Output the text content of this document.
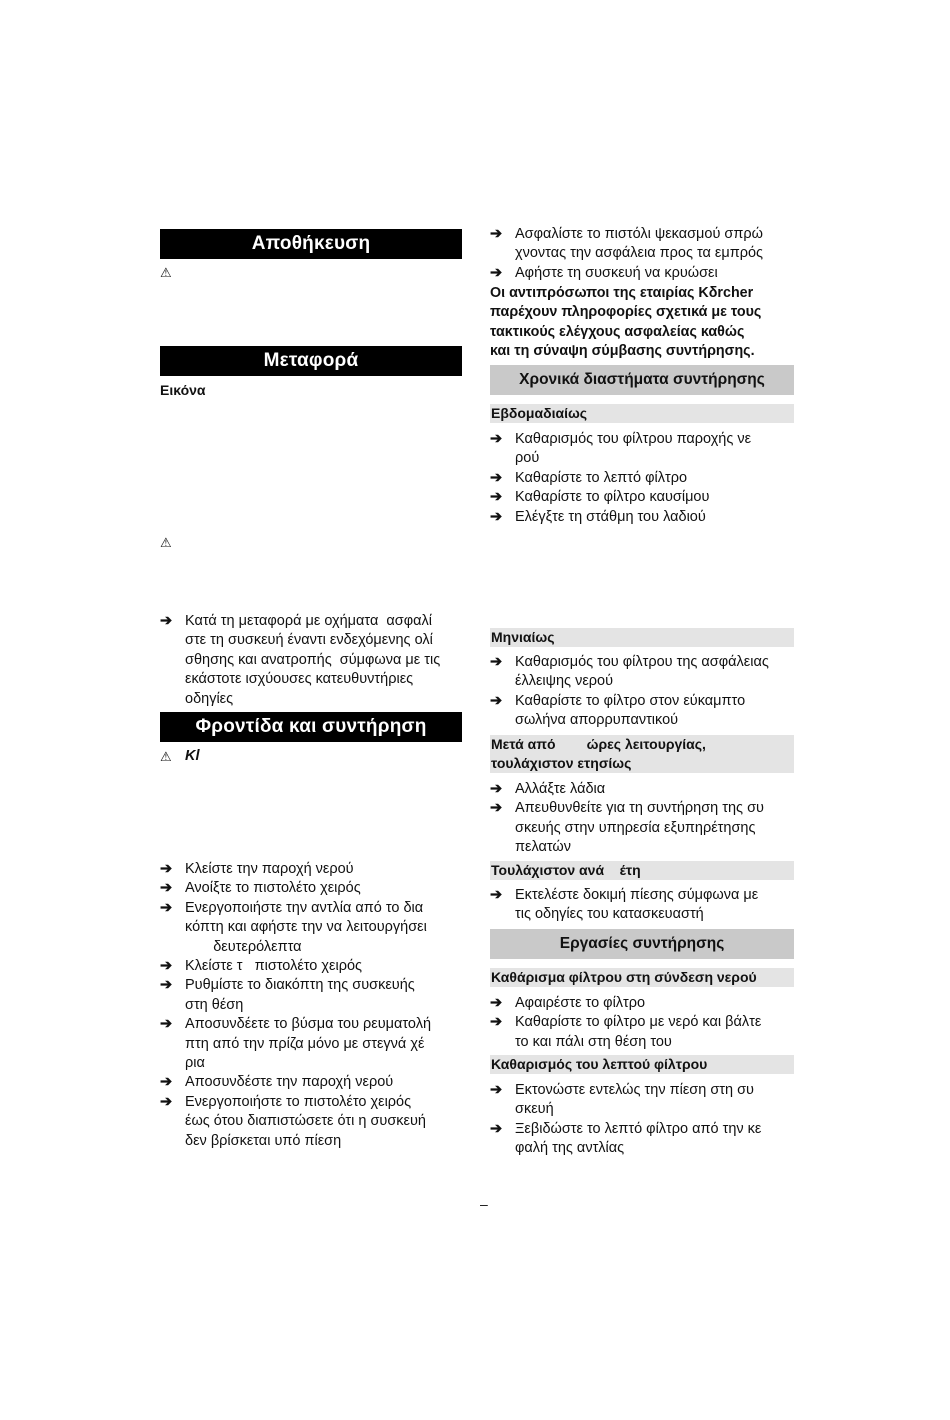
Αποθήκευση
⚠
Μεταφορά
Εικόνα
⚠
➔ Κατά τη μεταφορά με οχήματα  ασφαλί
στε τη συσκευή έναντι ενδεχόμενης ολί
σθησης και ανατροπής  σύμφωνα με τις
εκάστοτε ισχύουσες κατευθυντήριες
οδηγίες
Φροντίδα και συντήρηση
⚠ Κl
➔ Κλείστε την παροχή νερού
➔ Ανοίξτε το πιστολέτο χειρός
➔ Ενεργοποιήστε την αντλία από το δια
κόπτη και αφήστε την να λειτουργήσει
δευτερόλεπτα
➔ Κλείστε τ   πιστολέτο χειρός
➔ Ρυθμίστε το διακόπτη της συσκευής
στη θέση
➔ Αποσυνδέετε το βύσμα του ρευματολή
πτη από την πρίζα μόνο με στεγνά χέ
ρια
➔ Αποσυνδέστε την παροχή νερού
➔ Ενεργοποιήστε το πιστολέτο χειρός
έως ότου διαπιστώσετε ότι η συσκευή
δεν βρίσκεται υπό πίεση
➔ Ασφαλίστε το πιστόλι ψεκασμού σπρώ
χνοντας την ασφάλεια προς τα εμπρός
➔ Αφήστε τη συσκευή να κρυώσει
Οι αντιπρόσωποι της εταιρίας Kδrcher
παρέχουν πληροφορίες σχετικά με τους
τακτικούς ελέγχους ασφαλείας καθώς
και τη σύναψη σύμβασης συντήρησης.
Χρονικά διαστήματα συντήρησης
Εβδομαδιαίως
➔ Καθαρισμός του φίλτρου παροχής νε
ρού
➔ Καθαρίστε το λεπτό φίλτρο
➔ Καθαρίστε το φίλτρο καυσίμου
➔ Ελέγξτε τη στάθμη του λαδιού
Μηνιαίως
➔ Καθαρισμός του φίλτρου της ασφάλειας
έλλειψης νερού
➔ Καθαρίστε το φίλτρο στον εύκαμπτο
σωλήνα απορρυπαντικού
Μετά από        ώρες λειτουργίας,
τουλάχιστον ετησίως
➔ Αλλάξτε λάδια
➔ Απευθυνθείτε για τη συντήρηση της συ
σκευής στην υπηρεσία εξυπηρέτησης
πελατών
Τουλάχιστον ανά    έτη
➔ Εκτελέστε δοκιμή πίεσης σύμφωνα με
τις οδηγίες του κατασκευαστή
Εργασίες συντήρησης
Καθάρισμα φίλτρου στη σύνδεση νερού
➔ Αφαιρέστε το φίλτρο
➔ Καθαρίστε το φίλτρο με νερό και βάλτε
το και πάλι στη θέση του
Καθαρισμός του λεπτού φίλτρου
➔ Εκτονώστε εντελώς την πίεση στη συ
σκευή
➔ Ξεβιδώστε το λεπτό φίλτρο από την κε
φαλή της αντλίας
–
